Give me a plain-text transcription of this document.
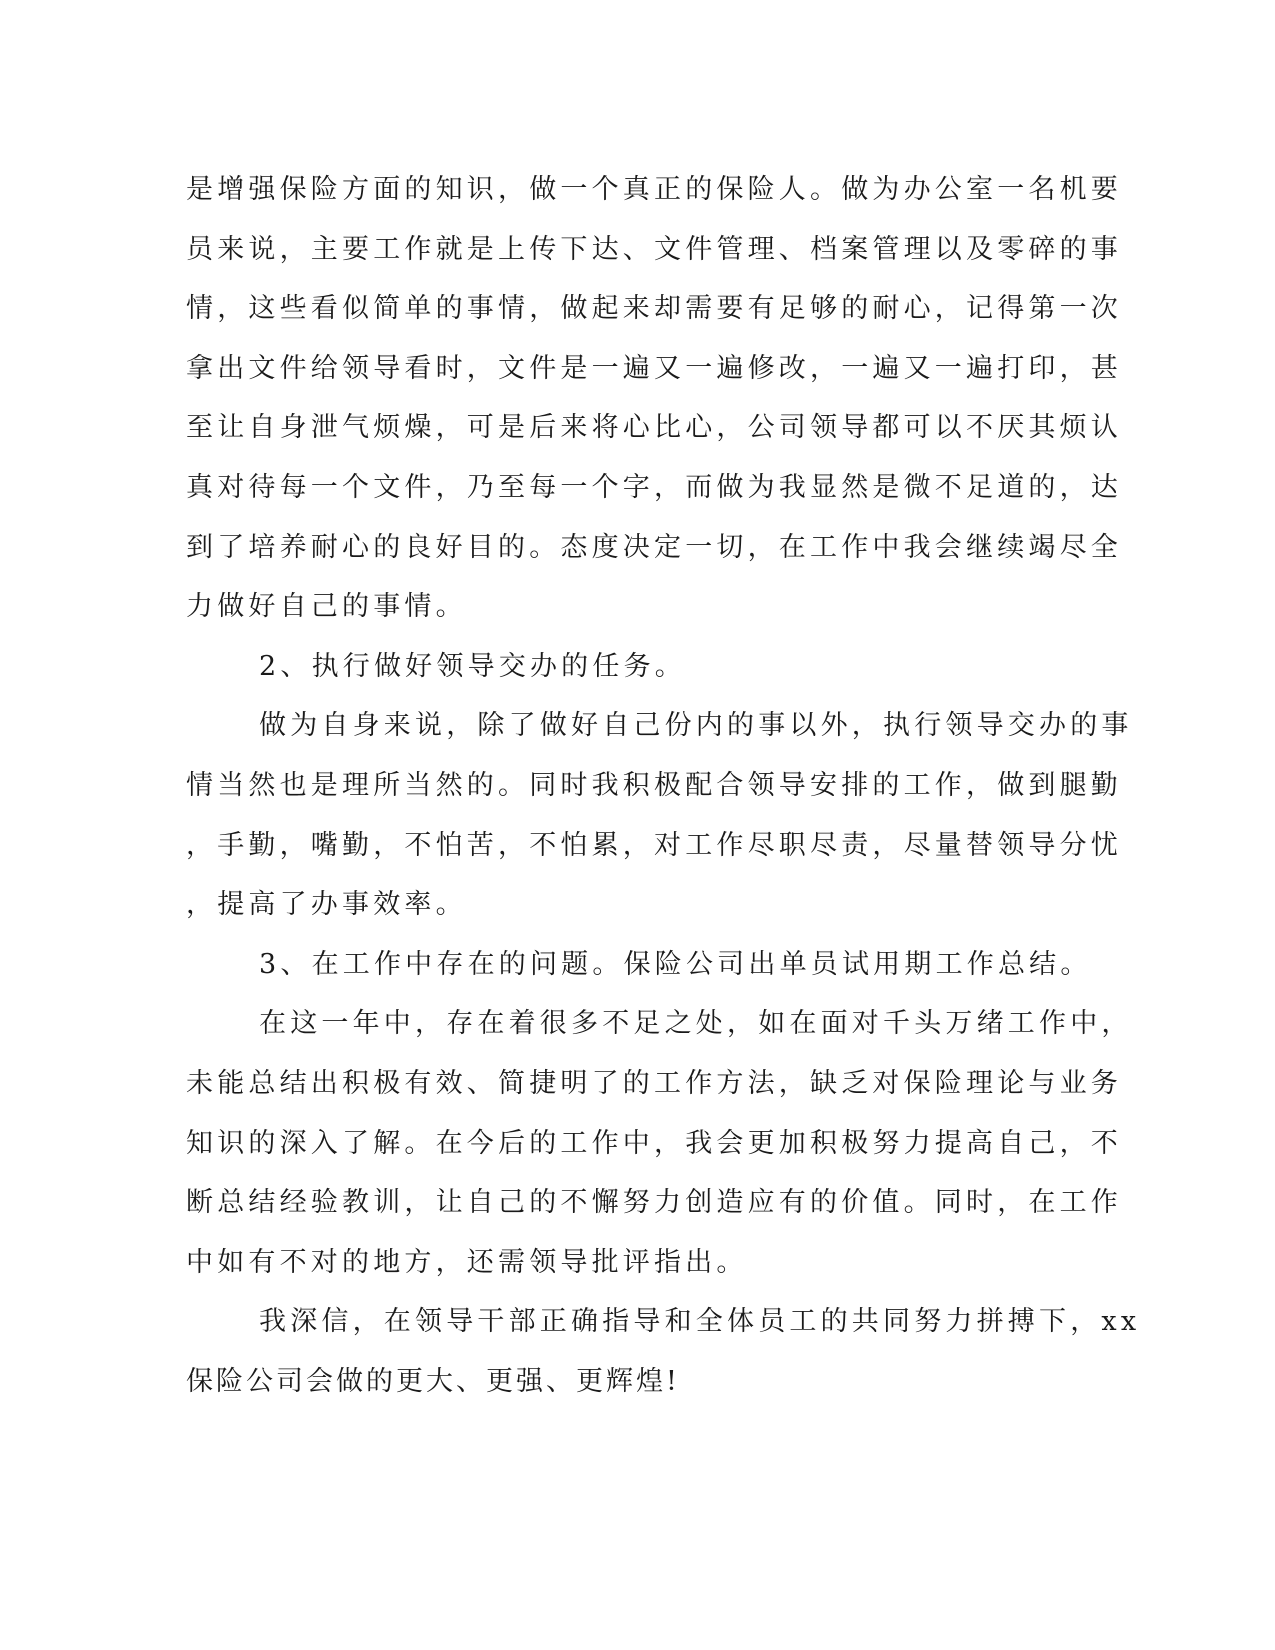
是增强保险方面的知识，做一个真正的保险人。做为办公室一名机要
员来说，主要工作就是上传下达、文件管理、档案管理以及零碎的事
情，这些看似简单的事情，做起来却需要有足够的耐心，记得第一次
拿出文件给领导看时，文件是一遍又一遍修改，一遍又一遍打印，甚
至让自身泄气烦燥，可是后来将心比心，公司领导都可以不厌其烦认
真对待每一个文件，乃至每一个字，而做为我显然是微不足道的，达
到了培养耐心的良好目的。态度决定一切，在工作中我会继续竭尽全
力做好自己的事情。
2、执行做好领导交办的任务。
做为自身来说，除了做好自己份内的事以外，执行领导交办的事
情当然也是理所当然的。同时我积极配合领导安排的工作，做到腿勤
，手勤，嘴勤，不怕苦，不怕累，对工作尽职尽责，尽量替领导分忧
，提高了办事效率。
3、在工作中存在的问题。保险公司出单员试用期工作总结。
在这一年中，存在着很多不足之处，如在面对千头万绪工作中，
未能总结出积极有效、简捷明了的工作方法，缺乏对保险理论与业务
知识的深入了解。在今后的工作中，我会更加积极努力提高自己，不
断总结经验教训，让自己的不懈努力创造应有的价值。同时，在工作
中如有不对的地方，还需领导批评指出。
我深信，在领导干部正确指导和全体员工的共同努力拼搏下，xx
保险公司会做的更大、更强、更辉煌!
